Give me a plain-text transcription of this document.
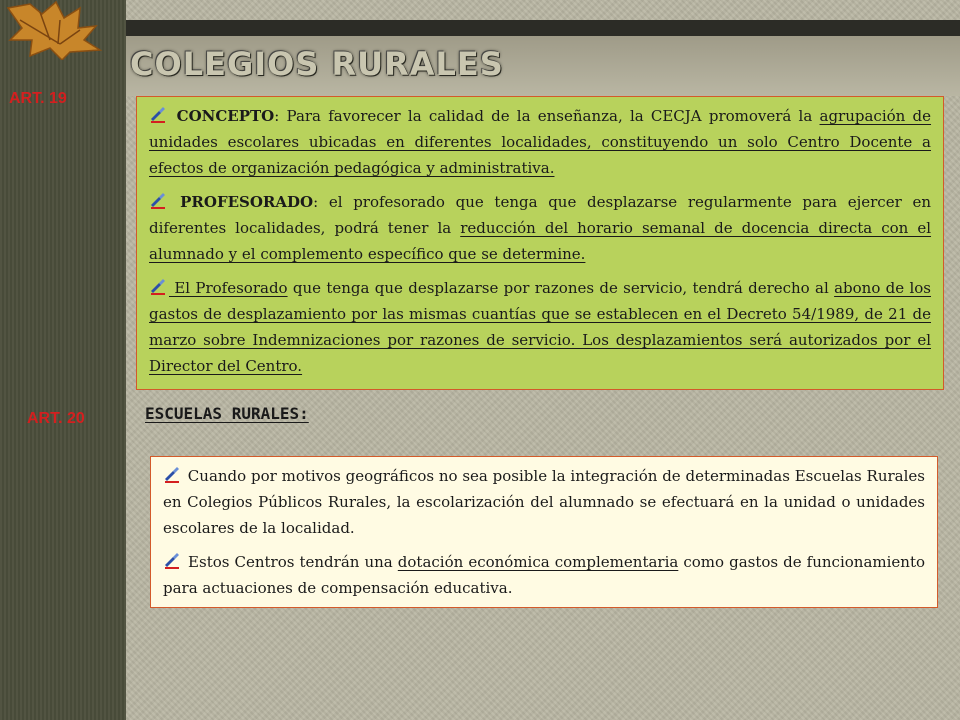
COLEGIOS RURALES
ART. 19

CONCEPTO: Para favorecer la calidad de la enseñanza, la CECJA promoverá la agrupación de unidades escolares ubicadas en diferentes localidades, constituyendo un solo Centro Docente a efectos de organización pedagógica y administrativa.

PROFESORADO: el profesorado que tenga que desplazarse regularmente para ejercer en diferentes localidades, podrá tener la reducción del horario semanal de docencia directa con el alumnado y el complemento específico que se determine.

El Profesorado que tenga que desplazarse por razones de servicio, tendrá derecho al abono de los gastos de desplazamiento por las mismas cuantías que se establecen en el Decreto 54/1989, de 21 de marzo sobre Indemnizaciones por razones de servicio. Los desplazamientos será autorizados por el Director del Centro.

ART. 20	ESCUELAS RURALES:

Cuando por motivos geográficos no sea posible la integración de determinadas Escuelas Rurales en Colegios Públicos Rurales, la escolarización del alumnado se efectuará en la unidad o unidades escolares de la localidad.

Estos Centros tendrán una dotación económica complementaria como gastos de funcionamiento para actuaciones de compensación educativa.
